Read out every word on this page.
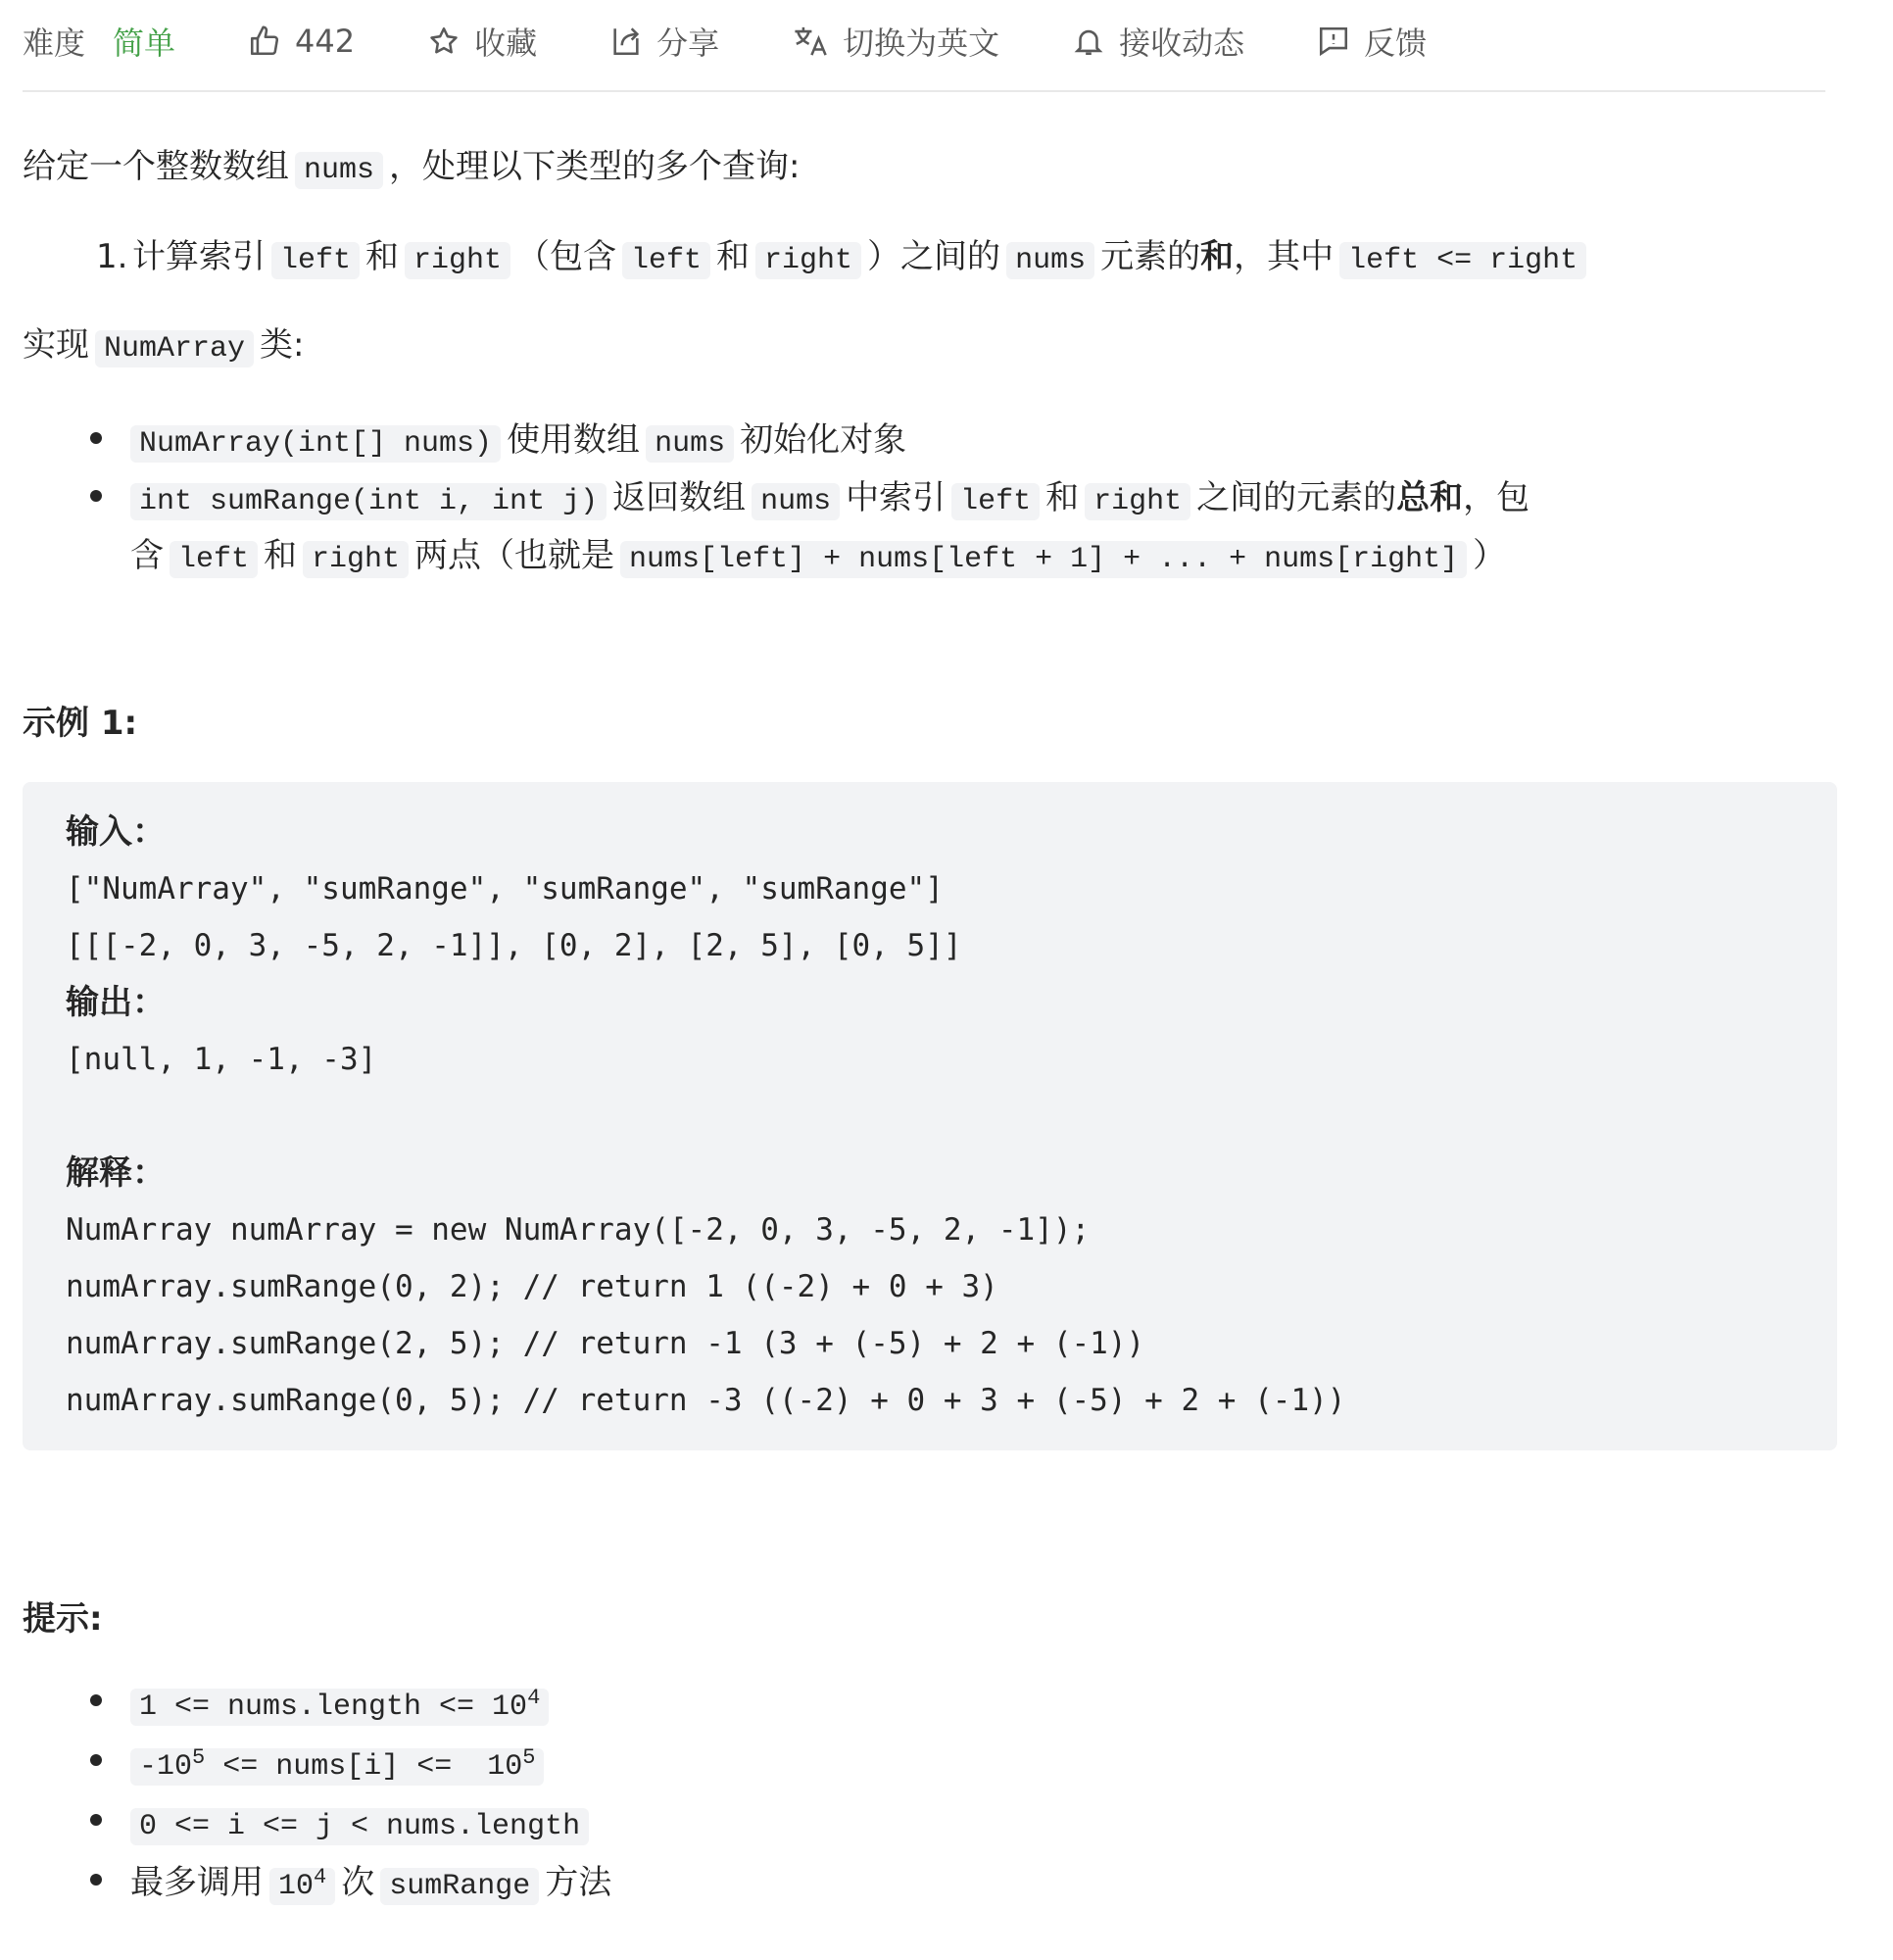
难度 简单	442	收藏	分享	切换为英文	接收动态	反馈
给定一个整数数组 nums ，处理以下类型的多个查询:
1. 计算索引 left 和 right （包含 left 和 right ）之间的 nums 元素的和，其中 left <= right
实现 NumArray 类:
NumArray(int[] nums) 使用数组 nums 初始化对象
int sumRange(int i, int j) 返回数组 nums 中索引 left 和 right 之间的元素的总和，包
含 left 和 right 两点（也就是 nums[left] + nums[left + 1] + ... + nums[right] ）
示例 1:
输入：
["NumArray", "sumRange", "sumRange", "sumRange"]
[[[-2, 0, 3, -5, 2, -1]], [0, 2], [2, 5], [0, 5]]
输出：
[null, 1, -1, -3]

解释：
NumArray numArray = new NumArray([-2, 0, 3, -5, 2, -1]);
numArray.sumRange(0, 2); // return 1 ((-2) + 0 + 3)
numArray.sumRange(2, 5); // return -1 (3 + (-5) + 2 + (-1))
numArray.sumRange(0, 5); // return -3 ((-2) + 0 + 3 + (-5) + 2 + (-1))
提示:
1 <= nums.length <= $10^4$
$-10^5$ <= nums[i] <=  $10^5$
0 <= i <= j < nums.length
最多调用 $10^4$ 次 sumRange 方法
